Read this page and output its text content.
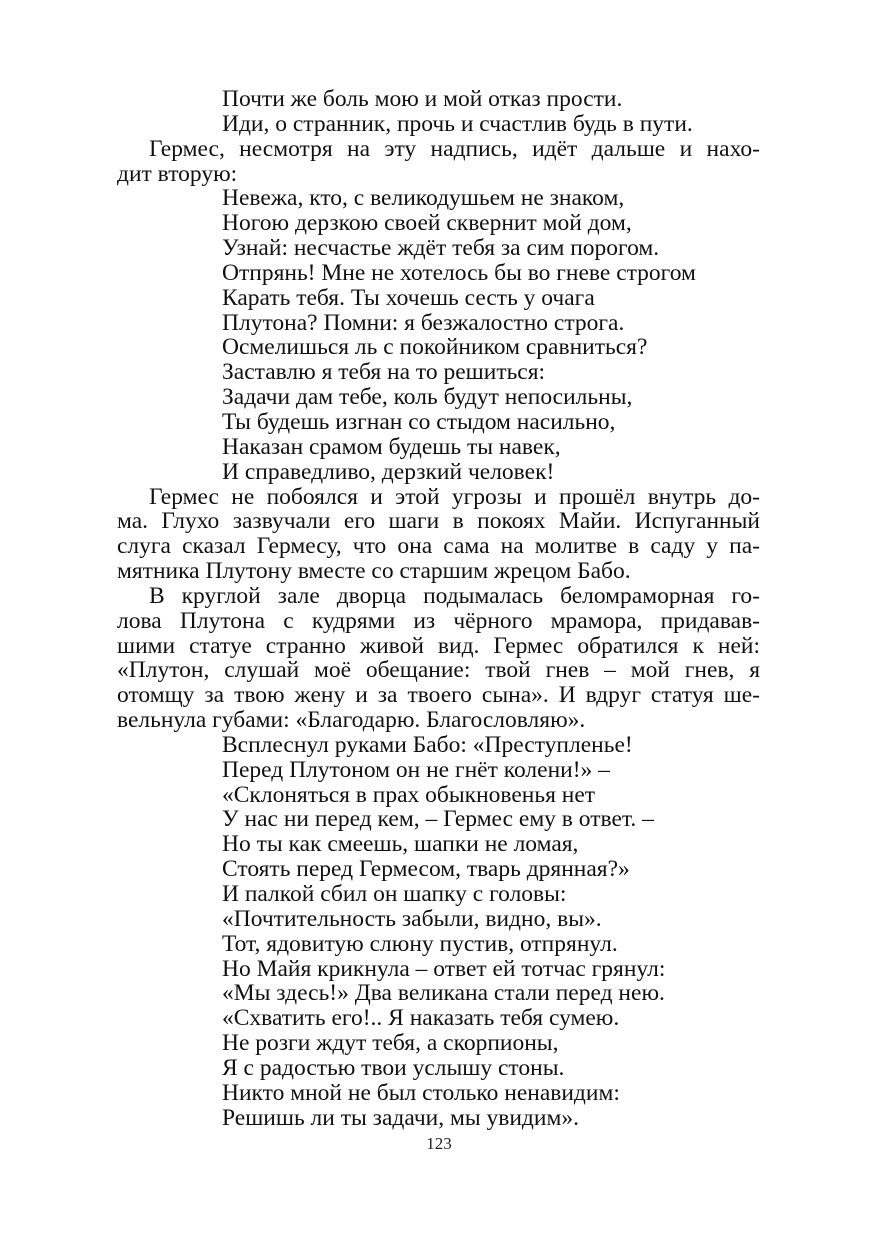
Почти же боль мою и мой отказ прости.
Иди, о странник, прочь и счастлив будь в пути.
Гермес, несмотря на эту надпись, идёт дальше и нахо-
дит вторую:
Невежа, кто, с великодушьем не знаком,
Ногою дерзкою своей сквернит мой дом,
Узнай: несчастье ждёт тебя за сим порогом.
Отпрянь! Мне не хотелось бы во гневе строгом
Карать тебя. Ты хочешь сесть у очага
Плутона? Помни: я безжалостно строга.
Осмелишься ль с покойником сравниться?
Заставлю я тебя на то решиться:
Задачи дам тебе, коль будут непосильны,
Ты будешь изгнан со стыдом насильно,
Наказан срамом будешь ты навек,
И справедливо, дерзкий человек!
Гермес не побоялся и этой угрозы и прошёл внутрь до-
ма. Глухо зазвучали его шаги в покоях Майи. Испуганный
слуга сказал Гермесу, что она сама на молитве в саду у па-
мятника Плутону вместе со старшим жрецом Бабо.
В круглой зале дворца подымалась беломраморная го-
лова Плутона с кудрями из чёрного мрамора, придавав-
шими статуе странно живой вид. Гермес обратился к ней:
«Плутон, слушай моё обещание: твой гнев – мой гнев, я
отомщу за твою жену и за твоего сына». И вдруг статуя ше-
вельнула губами: «Благодарю. Благословляю».
Всплеснул руками Бабо: «Преступленье!
Перед Плутоном он не гнёт колени!» –
«Склоняться в прах обыкновенья нет
У нас ни перед кем, – Гермес ему в ответ. –
Но ты как смеешь, шапки не ломая,
Стоять перед Гермесом, тварь дрянная?»
И палкой сбил он шапку с головы:
«Почтительность забыли, видно, вы».
Тот, ядовитую слюну пустив, отпрянул.
Но Майя крикнула – ответ ей тотчас грянул:
«Мы здесь!» Два великана стали перед нею.
«Схватить его!.. Я наказать тебя сумею.
Не розги ждут тебя, а скорпионы,
Я с радостью твои услышу стоны.
Никто мной не был столько ненавидим:
Решишь ли ты задачи, мы увидим».
123
